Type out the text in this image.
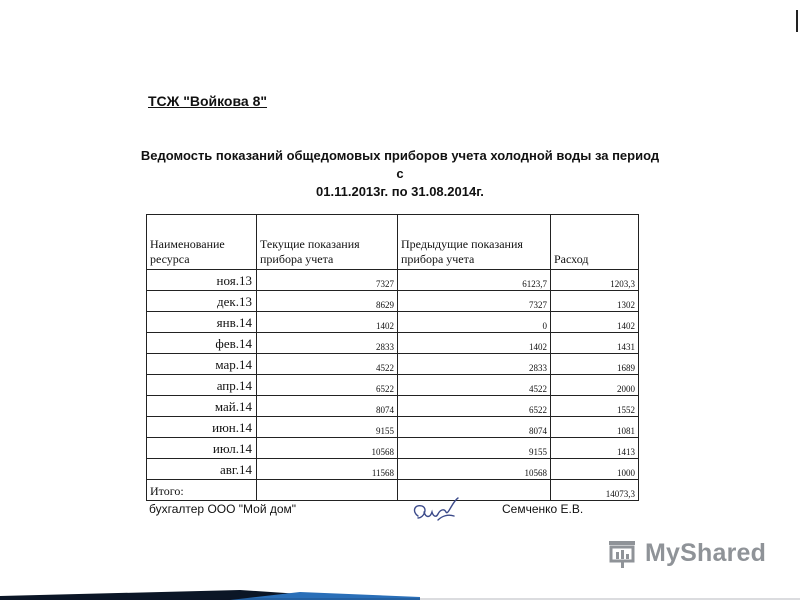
ТСЖ "Войкова 8"
Ведомость показаний общедомовых приборов учета холодной воды за период с
01.11.2013г. по 31.08.2014г.
Наименование ресурса	Текущие показания прибора учета	Предыдущие показания прибора учета	Расход
ноя.13	7327	6123,7	1203,3
дек.13	8629	7327	1302
янв.14	1402	0	1402
фев.14	2833	1402	1431
мар.14	4522	2833	1689
апр.14	6522	4522	2000
май.14	8074	6522	1552
июн.14	9155	8074	1081
июл.14	10568	9155	1413
авг.14	11568	10568	1000
Итого:			14073,3
бухгалтер ООО "Мой дом"	Семченко Е.В.
MyShared
